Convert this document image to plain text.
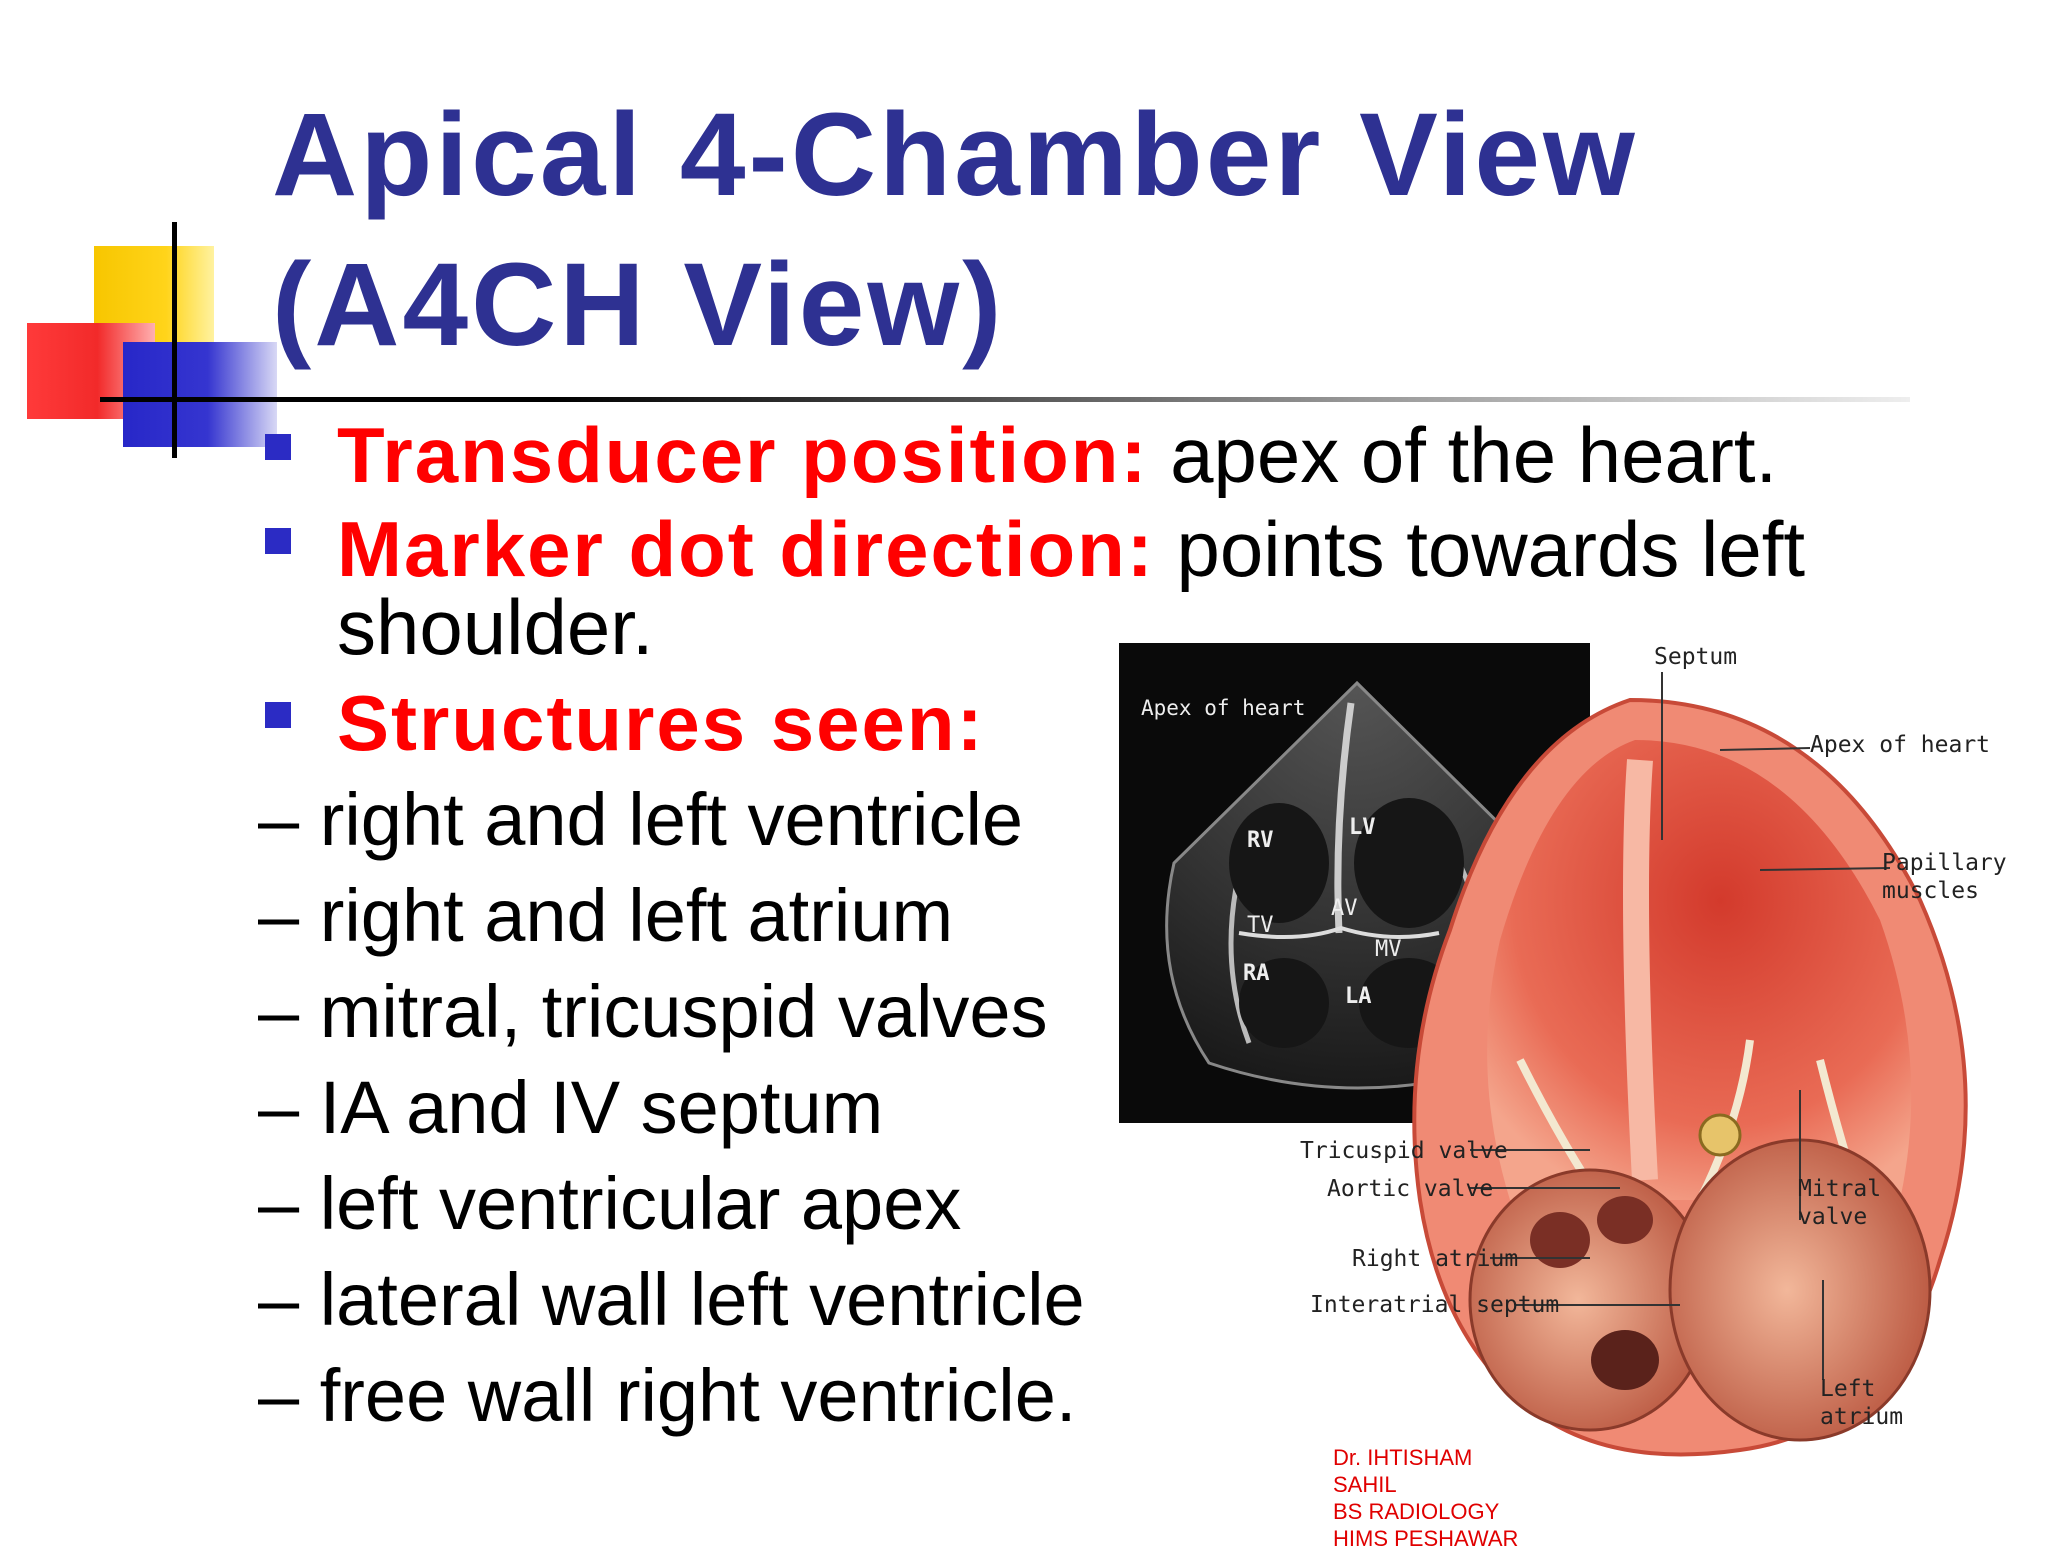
Apical 4-Chamber View
(A4CH View)
Transducer position: apex of the heart.
Marker dot direction: points towards left
shoulder.
Structures seen:
– right and left ventricle
– right and left atrium
– mitral, tricuspid valves
– IA and IV septum
– left ventricular apex
– lateral wall left ventricle
– free wall right ventricle.
Apex of heart
RV
LV
TV
AV
MV
RA
LA
Septum
Apex of heart
Papillary
muscles
Tricuspid valve
Aortic valve	Mitral
valve
Right atrium
Interatrial septum
Left
atrium
Dr. IHTISHAM
SAHIL
BS RADIOLOGY
HIMS PESHAWAR
